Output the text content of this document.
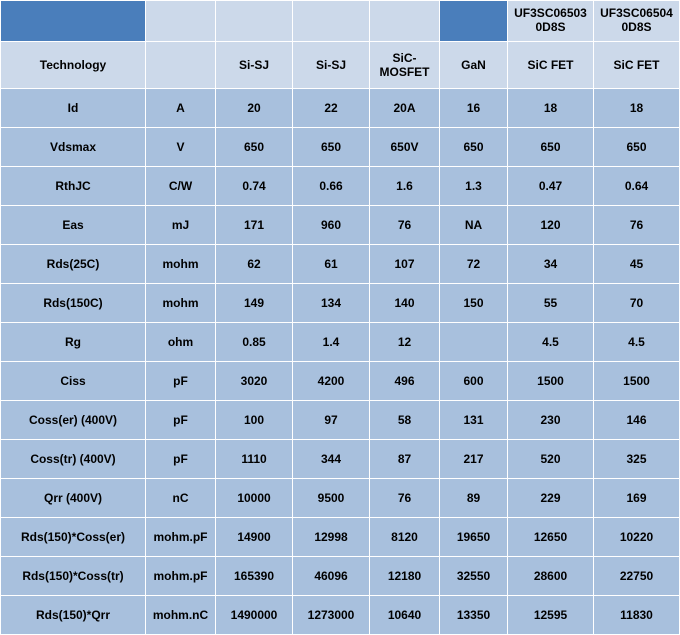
						UF3SC065030D8S	UF3SC065040D8S
Technology		Si-SJ	Si-SJ	SiC-MOSFET	GaN	SiC FET	SiC FET
Id	A	20	22	20A	16	18	18
Vdsmax	V	650	650	650V	650	650	650
RthJC	C/W	0.74	0.66	1.6	1.3	0.47	0.64
Eas	mJ	171	960	76	NA	120	76
Rds(25C)	mohm	62	61	107	72	34	45
Rds(150C)	mohm	149	134	140	150	55	70
Rg	ohm	0.85	1.4	12		4.5	4.5
Ciss	pF	3020	4200	496	600	1500	1500
Coss(er) (400V)	pF	100	97	58	131	230	146
Coss(tr) (400V)	pF	1110	344	87	217	520	325
Qrr (400V)	nC	10000	9500	76	89	229	169
Rds(150)*Coss(er)	mohm.pF	14900	12998	8120	19650	12650	10220
Rds(150)*Coss(tr)	mohm.pF	165390	46096	12180	32550	28600	22750
Rds(150)*Qrr	mohm.nC	1490000	1273000	10640	13350	12595	11830
